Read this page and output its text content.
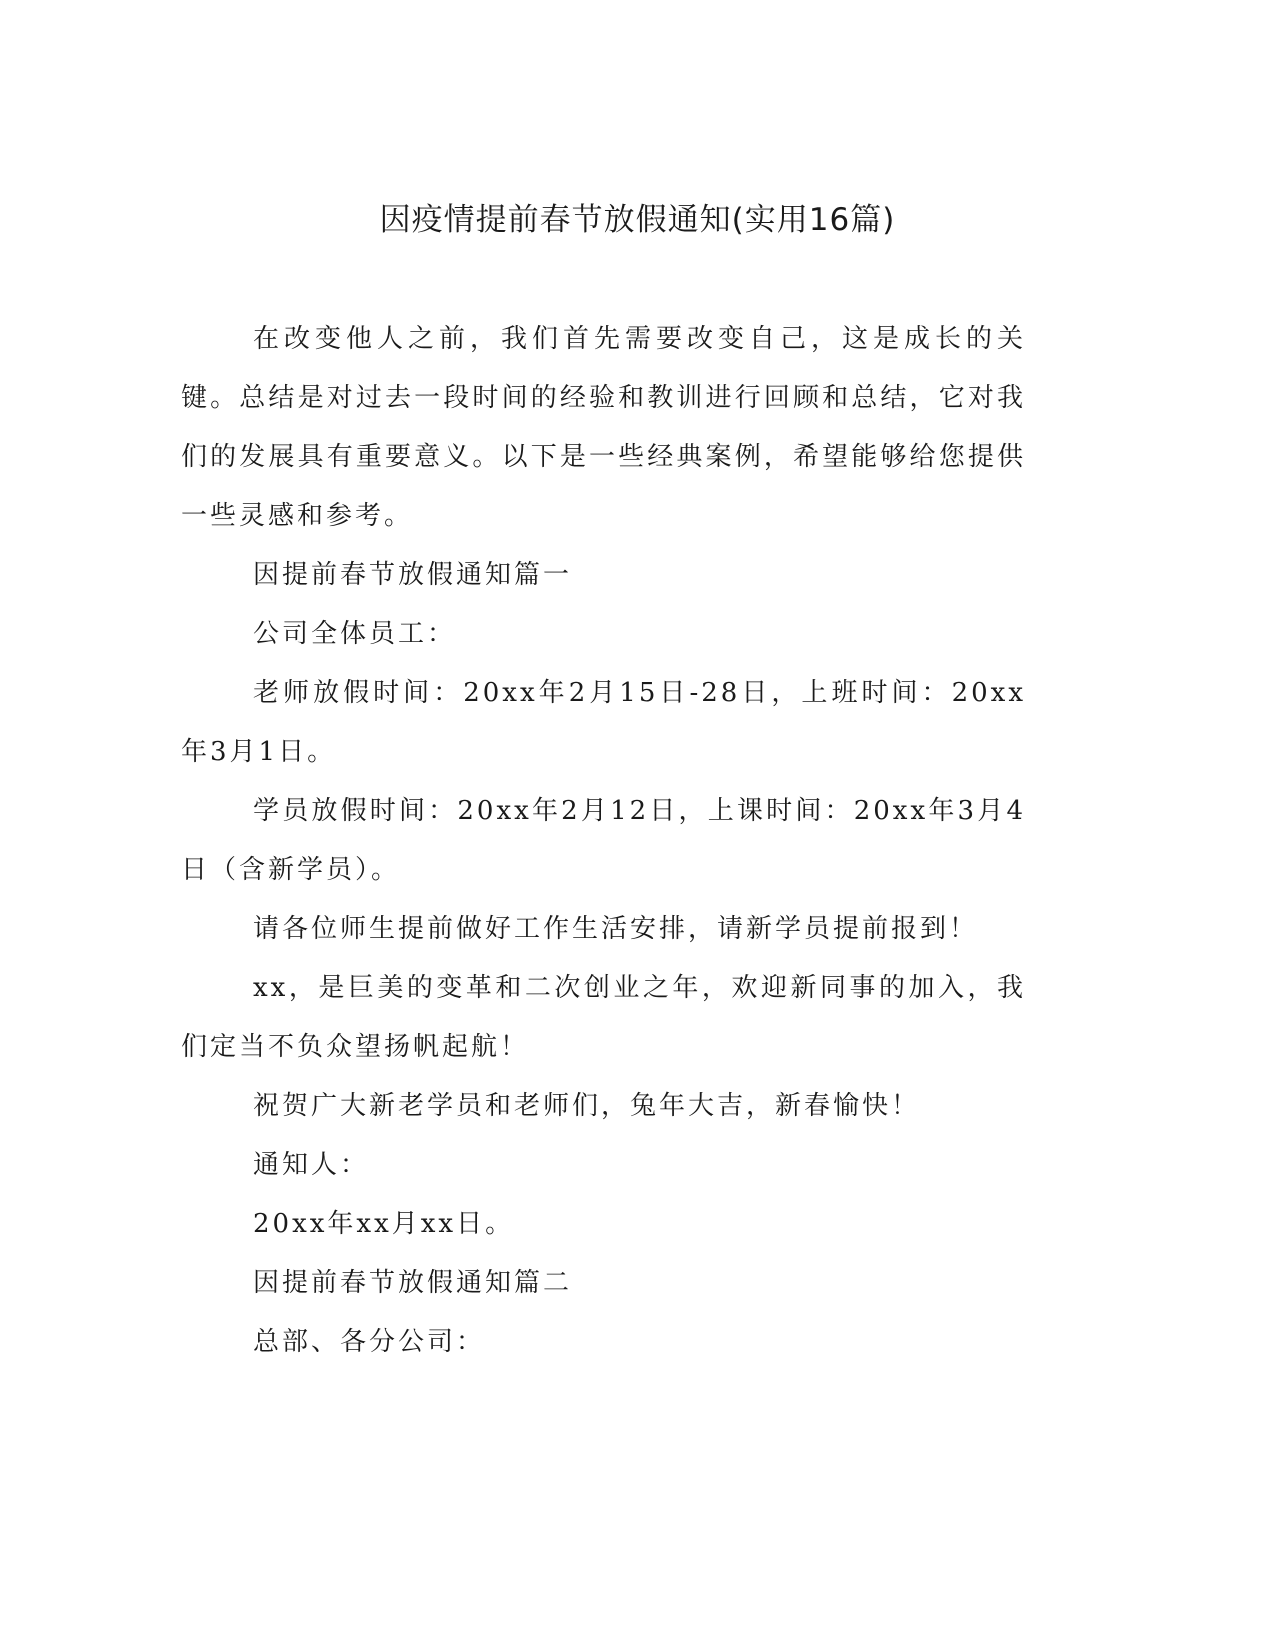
因疫情提前春节放假通知(实用16篇)

在改变他人之前，我们首先需要改变自己，这是成长的关键。总结是对过去一段时间的经验和教训进行回顾和总结，它对我们的发展具有重要意义。以下是一些经典案例，希望能够给您提供一些灵感和参考。

因提前春节放假通知篇一

公司全体员工：

老师放假时间：20xx年2月15日-28日，上班时间：20xx年3月1日。

学员放假时间：20xx年2月12日，上课时间：20xx年3月4日（含新学员）。

请各位师生提前做好工作生活安排，请新学员提前报到！

xx，是巨美的变革和二次创业之年，欢迎新同事的加入，我们定当不负众望扬帆起航！

祝贺广大新老学员和老师们，兔年大吉，新春愉快！

通知人：

20xx年xx月xx日。

因提前春节放假通知篇二

总部、各分公司：
